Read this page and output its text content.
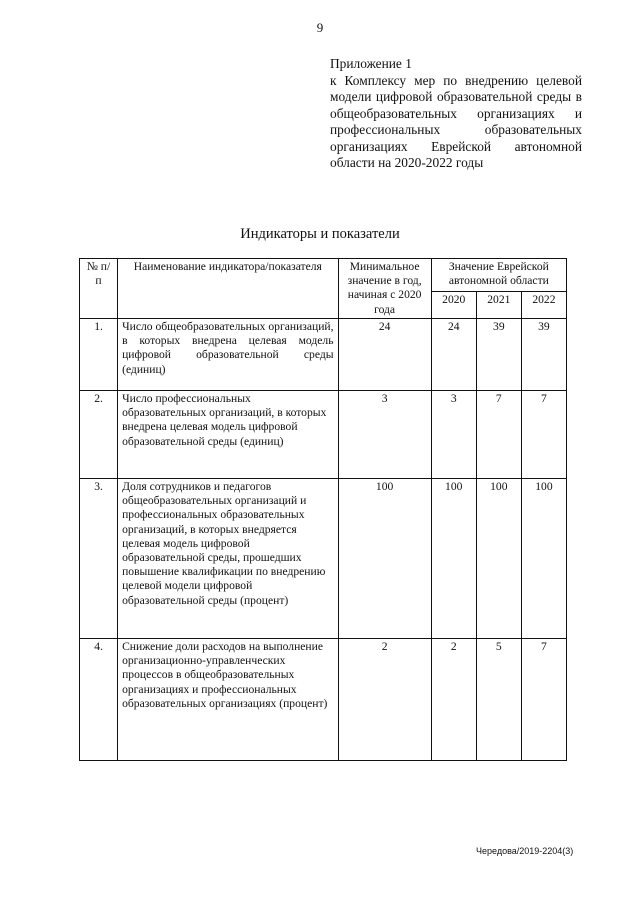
9

Приложение 1

к Комплексу мер по внедрению целевой модели цифровой образовательной среды в общеобразовательных организациях и профессиональных образовательных организациях Еврейской автономной области на 2020-2022 годы

Индикаторы и показатели
№ п/п	Наименование индикатора/показателя	Минимальное значение в год, начиная с 2020 года	Значение Еврейской автономной области		
			2020	2021	2022
1.	Число общеобразовательных организаций, в которых внедрена целевая модель цифровой образовательной среды (единиц)	24	24	39	39
2.	Число профессиональных образовательных организаций, в которых внедрена целевая модель цифровой образовательной среды (единиц)	3	3	7	7
3.	Доля сотрудников и педагогов общеобразовательных организаций и профессиональных образовательных организаций, в которых внедряется целевая модель цифровой образовательной среды, прошедших повышение квалификации по внедрению целевой модели цифровой образовательной среды (процент)	100	100	100	100
4.	Снижение доли расходов на выполнение организационно-управленческих процессов в общеобразовательных организациях и профессиональных образовательных организациях (процент)	2	2	5	7
Чередова/2019-2204(3)
